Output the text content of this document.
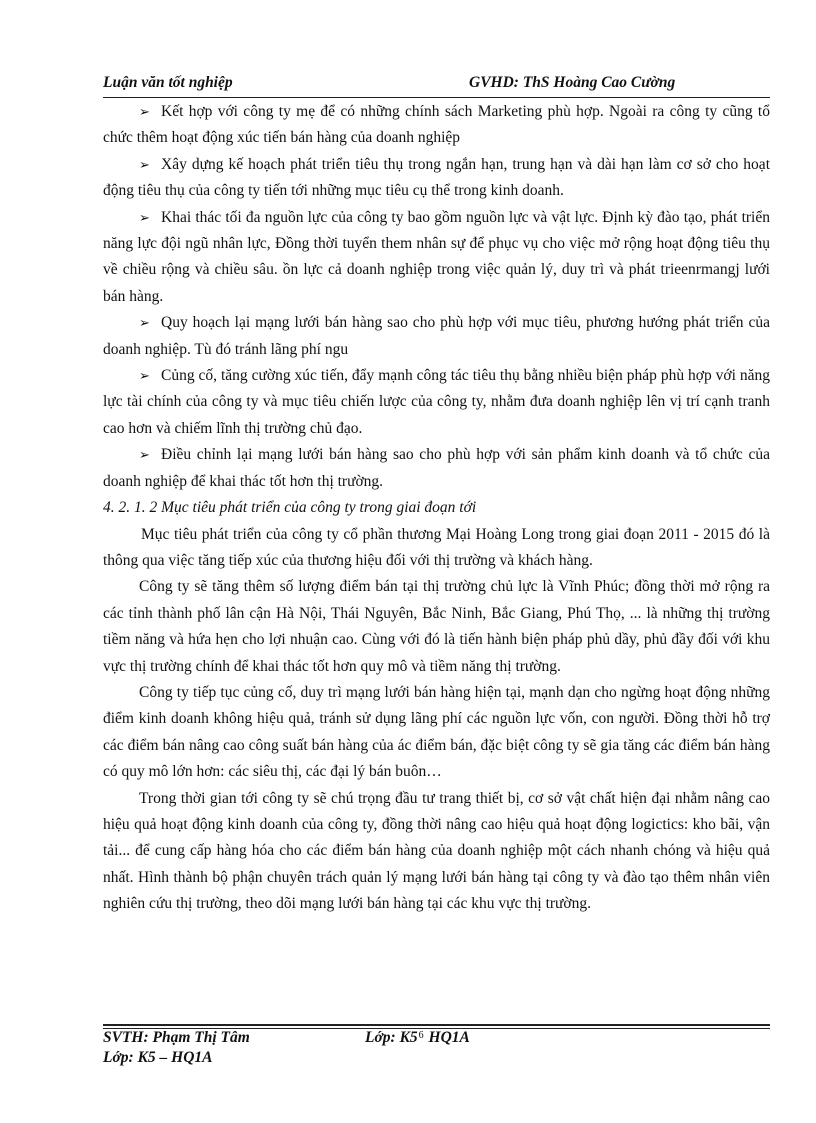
Luận văn tốt nghiệp	GVHD: ThS Hoàng Cao Cường

➢ Kết hợp với công ty mẹ để có những chính sách Marketing phù hợp. Ngoài ra công ty cũng tổ chức thêm hoạt động xúc tiến bán hàng của doanh nghiệp

➢ Xây dựng kế hoạch phát triển tiêu thụ trong ngắn hạn, trung hạn và dài hạn làm cơ sở cho hoạt động tiêu thụ của công ty tiến tới những mục tiêu cụ thể trong kinh doanh.

➢ Khai thác tối đa nguồn lực của công ty bao gồm nguồn lực và vật lực. Định kỳ đào tạo, phát triển năng lực đội ngũ nhân lực, Đồng thời tuyển them nhân sự để phục vụ cho việc mở rộng hoạt động tiêu thụ về chiều rộng và chiều sâu. ồn lực cả doanh nghiệp trong việc quản lý, duy trì và phát trieenrmangj lưới bán hàng.

➢ Quy hoạch lại mạng lưới bán hàng sao cho phù hợp với mục tiêu, phương hướng phát triển của doanh nghiệp. Tù đó tránh lãng phí ngu

➢ Củng cố, tăng cường xúc tiến, đẩy mạnh công tác tiêu thụ bằng nhiều biện pháp phù hợp với năng lực tài chính của công ty và mục tiêu chiến lược của công ty, nhằm đưa doanh nghiệp lên vị trí cạnh tranh cao hơn và chiếm lĩnh thị trường chủ đạo.

➢ Điều chỉnh lại mạng lưới bán hàng sao cho phù hợp với sản phẩm kinh doanh và tổ chức của doanh nghiệp để khai thác tốt hơn thị trường.

4. 2. 1. 2 Mục tiêu phát triển của công ty trong giai đoạn tới

Mục tiêu phát triển của công ty cổ phần thương Mại Hoàng Long trong giai đoạn 2011 - 2015 đó là thông qua việc tăng tiếp xúc của thương hiệu đối với thị trường và khách hàng.

Công ty sẽ tăng thêm số lượng điểm bán tại thị trường chủ lực là Vĩnh Phúc; đồng thời mở rộng ra các tỉnh thành phố lân cận Hà Nội, Thái Nguyên, Bắc Ninh, Bắc Giang, Phú Thọ, ... là những thị trường tiềm năng và hứa hẹn cho lợi nhuận cao. Cùng với đó là tiến hành biện pháp phủ dầy, phủ đầy đối với khu vực thị trường chính để khai thác tốt hơn quy mô và tiềm năng thị trường.

Công ty tiếp tục củng cố, duy trì mạng lưới bán hàng hiện tại, mạnh dạn cho ngừng hoạt động những điểm kinh doanh không hiệu quả, tránh sử dụng lãng phí các nguồn lực vốn, con người. Đồng thời hỗ trợ các điểm bán nâng cao công suất bán hàng của ác điểm bán, đặc biệt công ty sẽ gia tăng các điểm bán hàng có quy mô lớn hơn: các siêu thị, các đại lý bán buôn…

Trong thời gian tới công ty sẽ chú trọng đầu tư trang thiết bị, cơ sở vật chất hiện đại nhằm nâng cao hiệu quả hoạt động kinh doanh của công ty, đồng thời nâng cao hiệu quả hoạt động logictics: kho bãi, vận tải... để cung cấp hàng hóa cho các điểm bán hàng của doanh nghiệp một cách nhanh chóng và hiệu quả nhất. Hình thành bộ phận chuyên trách quản lý mạng lưới bán hàng tại công ty và đào tạo thêm nhân viên nghiên cứu thị trường, theo dõi mạng lưới bán hàng tại các khu vực thị trường.

SVTH: Phạm Thị Tâm	Lớp: $K5^6$ HQ1A
Lớp: K5 – HQ1A
